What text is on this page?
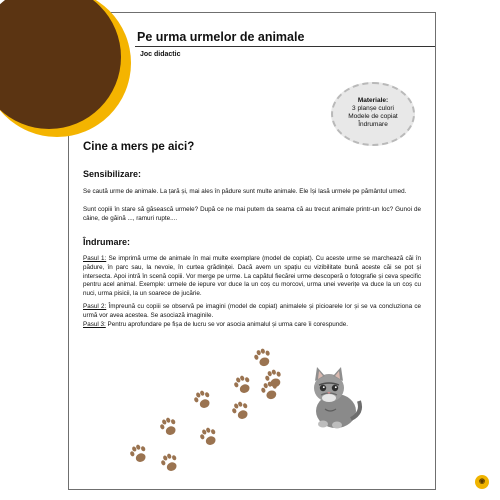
Pe urma urmelor de animale
Joc didactic
Materiale:
3 planșe culori
Modele de copiat
Îndrumare
Cine a mers pe aici?
Sensibilizare:

Se caută urme de animale. La țară și, mai ales în pădure sunt multe animale. Ele își lasă urmele pe pământul umed.

Sunt copiii în stare să găsească urmele? După ce ne mai putem da seama că au trecut animale printr-un loc? Gunoi de câine, de găină ..., ramuri rupte....

Îndrumare:

Pasul 1: Se imprimă urme de animale în mai multe exemplare (model de copiat). Cu aceste urme se marchează căi în pădure, în parc sau, la nevoie, în curtea grădiniței. Dacă avem un spațiu cu vizibilitate bună aceste căi se pot și intersecta. Apoi intră în scenă copiii. Vor merge pe urme. La capătul fiecărei urme descoperă o fotografie și ceva specific pentru acel animal. Exemple: urmele de iepure vor duce la un coș cu morcovi, urma unei veverițe va duce la un coș cu nuci, urma pisicii, la un soarece de jucărie.

Pasul 2: Împreună cu copiii se observă pe imagini (model de copiat) animalele și picioarele lor și se va concluziona ce urmă vor avea acestea. Se asociază imaginile.

Pasul 3: Pentru aprofundare pe fișa de lucru se vor asocia animalul și urma care îi corespunde.

◉
